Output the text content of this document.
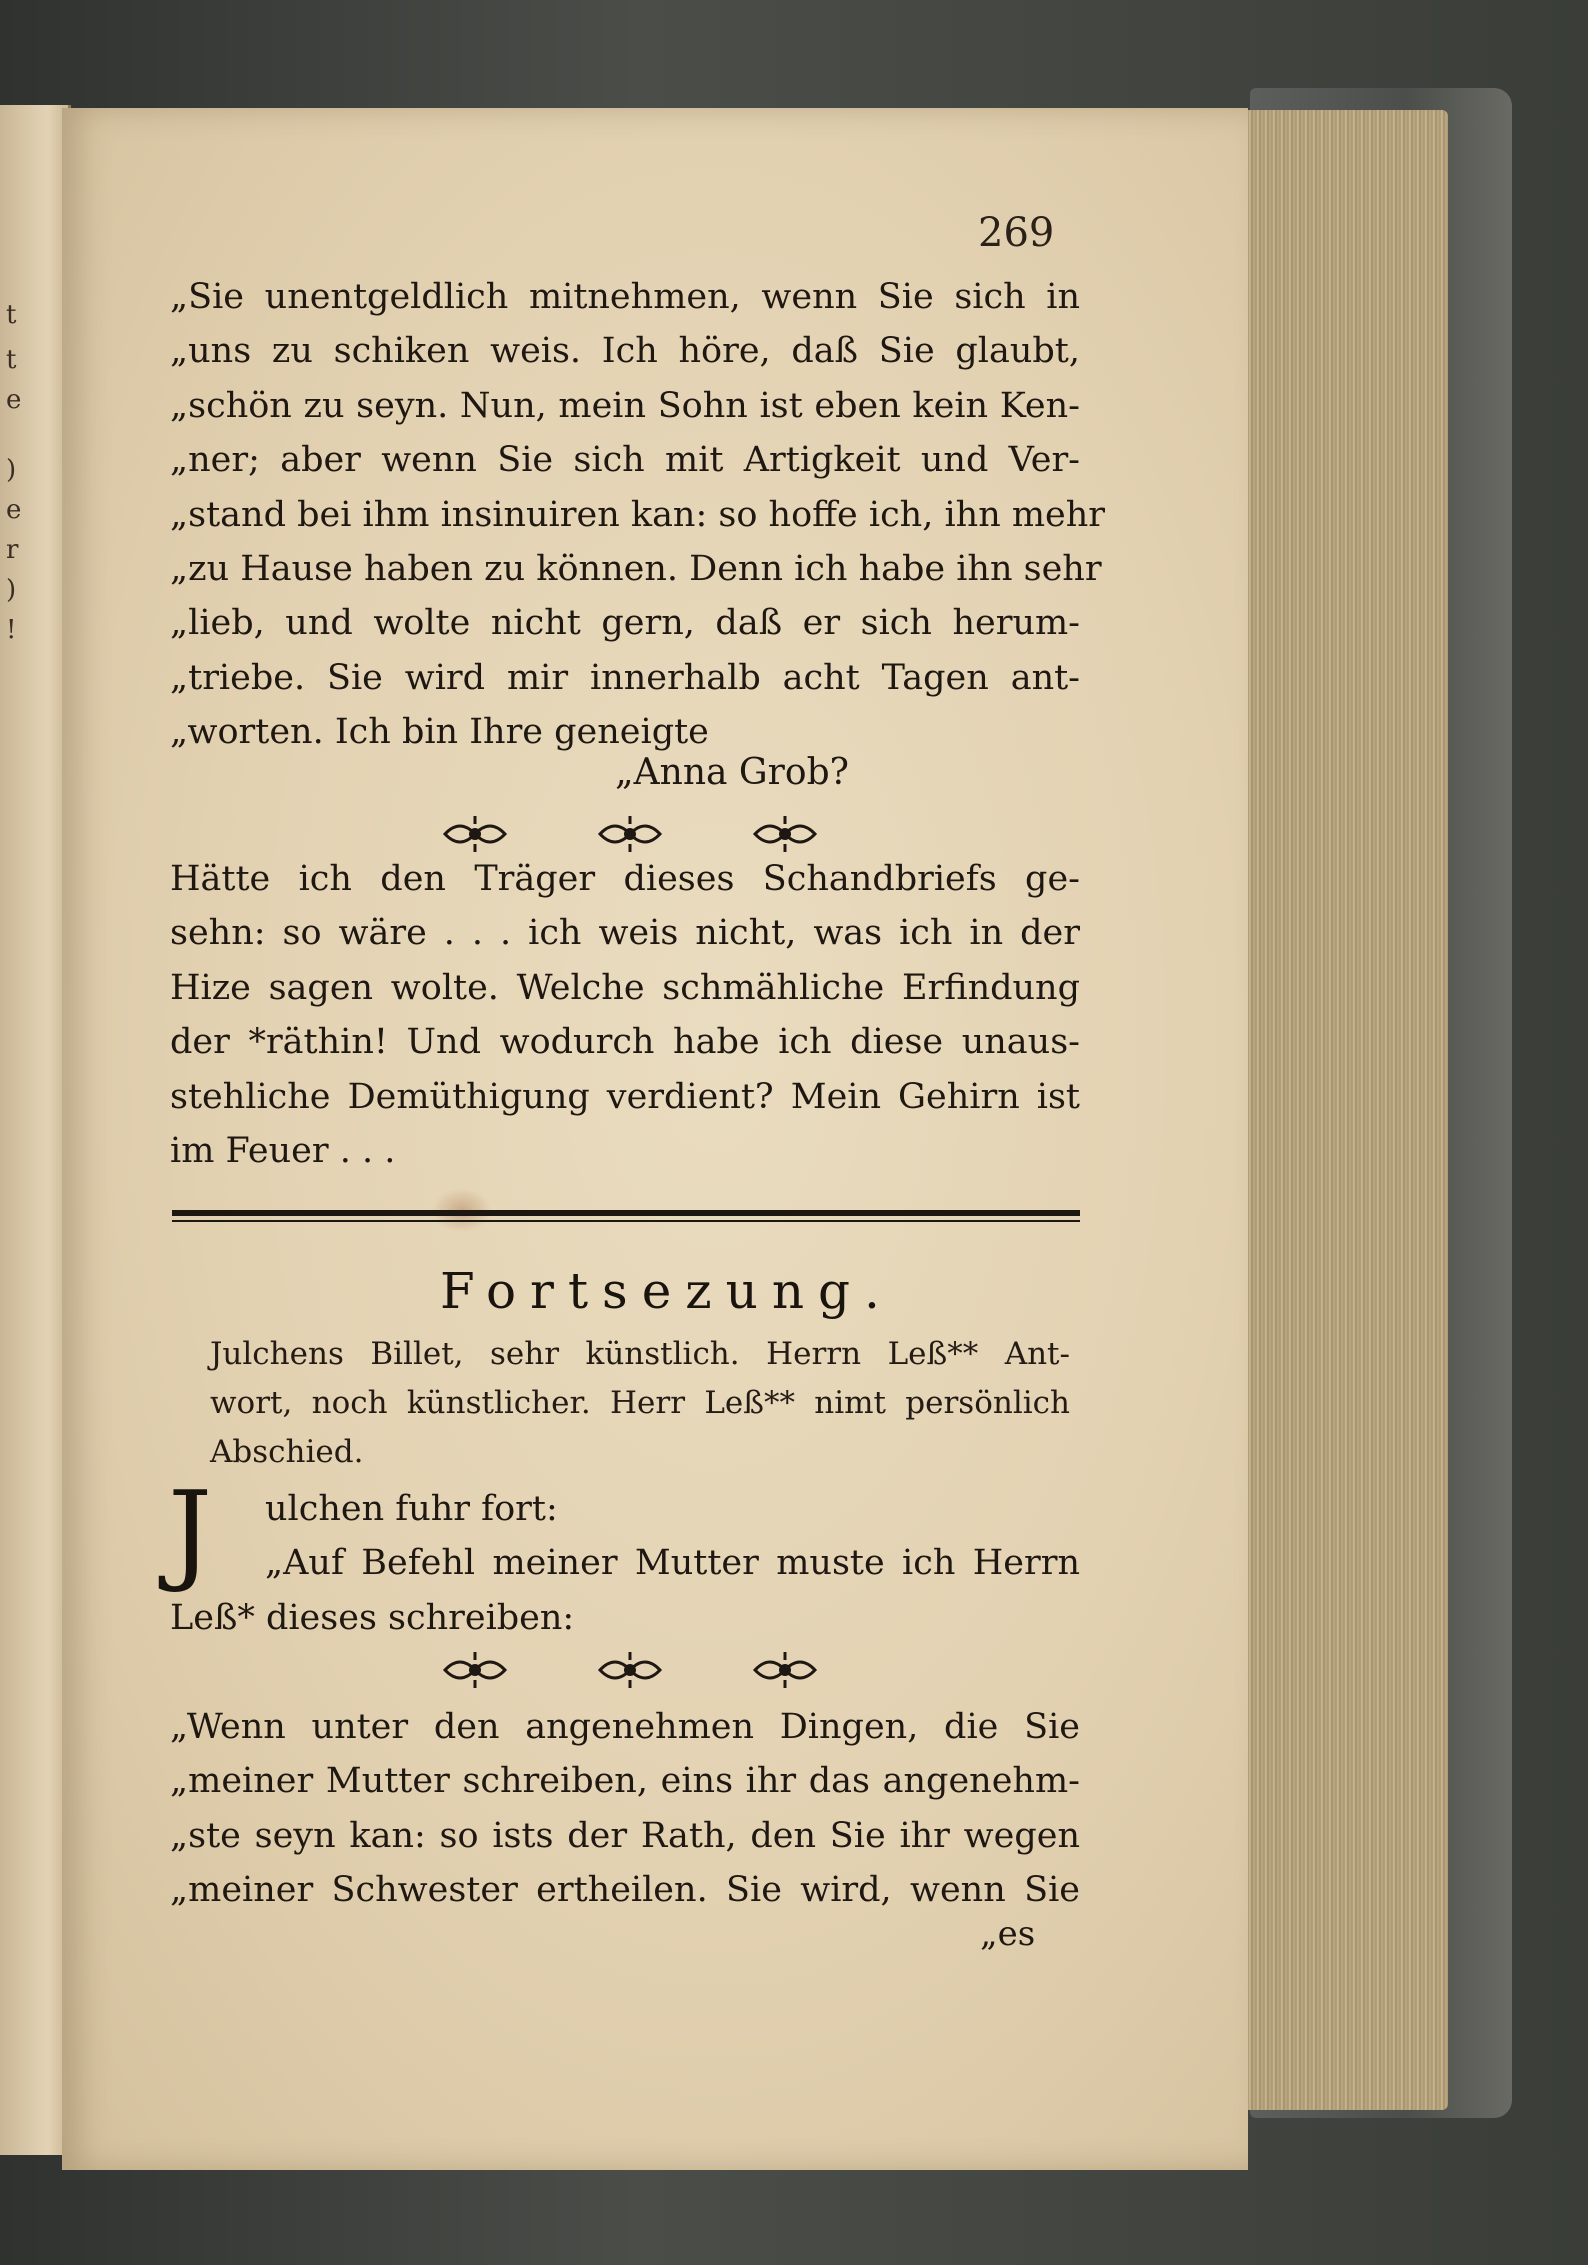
t
t
e
)
e
r
)
!
269
„Sie unentgeldlich mitnehmen, wenn Sie sich in
„uns zu schiken weis. Ich höre, daß Sie glaubt,
„schön zu seyn. Nun, mein Sohn ist eben kein Ken-
„ner; aber wenn Sie sich mit Artigkeit und Ver-
„stand bei ihm insinuiren kan: so hoffe ich, ihn mehr
„zu Hause haben zu können. Denn ich habe ihn sehr
„lieb, und wolte nicht gern, daß er sich herum-
„triebe. Sie wird mir innerhalb acht Tagen ant-
„worten. Ich bin Ihre geneigte
„Anna Grob?
Hätte ich den Träger dieses Schandbriefs ge-
sehn: so wäre . . . ich weis nicht, was ich in der
Hize sagen wolte. Welche schmähliche Erfindung
der *räthin! Und wodurch habe ich diese unaus-
stehliche Demüthigung verdient? Mein Gehirn ist
im Feuer . . .
Fortsezung.
Julchens Billet, sehr künstlich. Herrn Leß** Ant-
wort, noch künstlicher. Herr Leß** nimt persönlich
Abschied.
J	ulchen fuhr fort:
„Auf Befehl meiner Mutter muste ich Herrn
Leß* dieses schreiben:
„Wenn unter den angenehmen Dingen, die Sie
„meiner Mutter schreiben, eins ihr das angenehm-
„ste seyn kan: so ists der Rath, den Sie ihr wegen
„meiner Schwester ertheilen. Sie wird, wenn Sie
„es
